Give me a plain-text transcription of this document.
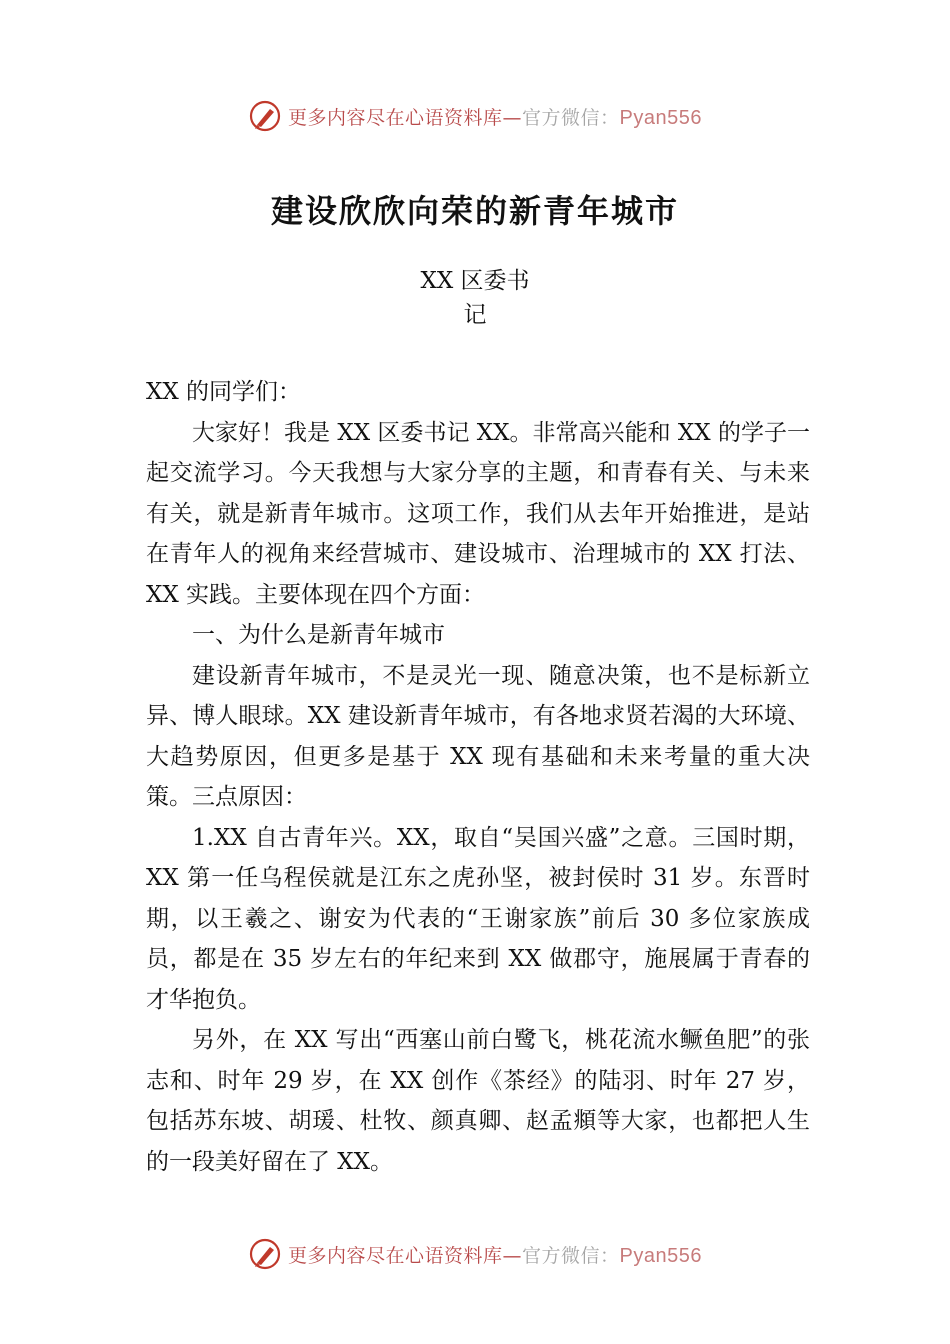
更多内容尽在心语资料库—官方微信：Pyan556
建设欣欣向荣的新青年城市
XX 区委书
记

XX 的同学们：

大家好！我是 XX 区委书记 XX。非常高兴能和 XX 的学子一起交流学习。今天我想与大家分享的主题，和青春有关、与未来有关，就是新青年城市。这项工作，我们从去年开始推进，是站在青年人的视角来经营城市、建设城市、治理城市的 XX 打法、XX 实践。主要体现在四个方面：

一、为什么是新青年城市

建设新青年城市，不是灵光一现、随意决策，也不是标新立异、博人眼球。XX 建设新青年城市，有各地求贤若渴的大环境、大趋势原因，但更多是基于 XX 现有基础和未来考量的重大决策。三点原因：

1.XX 自古青年兴。XX，取自“吴国兴盛”之意。三国时期，XX 第一任乌程侯就是江东之虎孙坚，被封侯时 31 岁。东晋时期，以王羲之、谢安为代表的“王谢家族”前后 30 多位家族成员，都是在 35 岁左右的年纪来到 XX 做郡守，施展属于青春的才华抱负。

另外，在 XX 写出“西塞山前白鹭飞，桃花流水鳜鱼肥”的张志和、时年 29 岁，在 XX 创作《茶经》的陆羽、时年 27 岁，包括苏东坡、胡瑗、杜牧、颜真卿、赵孟頫等大家，也都把人生的一段美好留在了 XX。

更多内容尽在心语资料库—官方微信：Pyan556
